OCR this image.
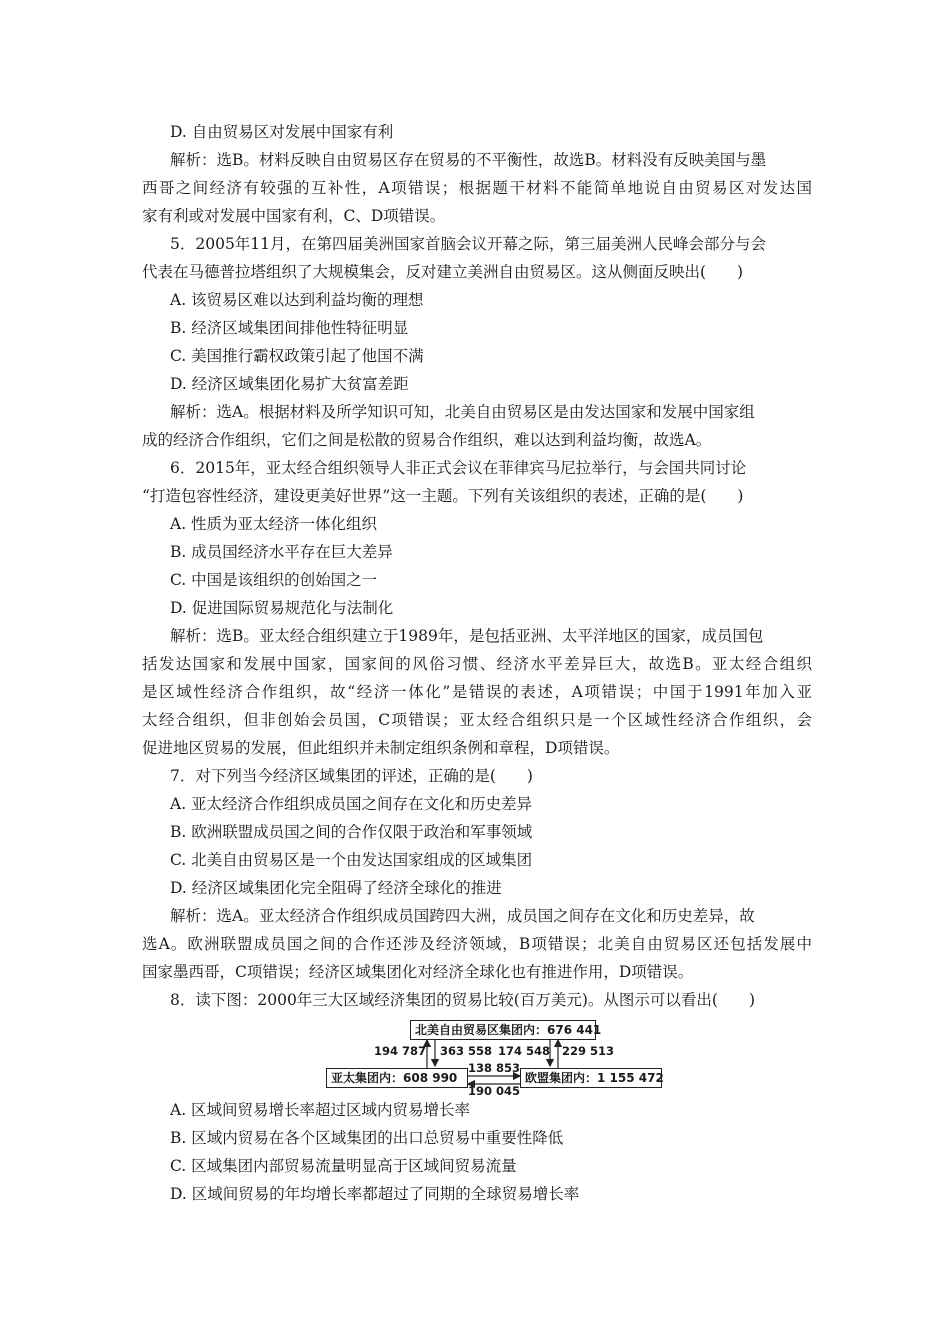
D. 自由贸易区对发展中国家有利
解析：选B。材料反映自由贸易区存在贸易的不平衡性，故选B。材料没有反映美国与墨
西哥之间经济有较强的互补性，A项错误；根据题干材料不能简单地说自由贸易区对发达国
家有利或对发展中国家有利，C、D项错误。
5．2005年11月，在第四届美洲国家首脑会议开幕之际，第三届美洲人民峰会部分与会
代表在马德普拉塔组织了大规模集会，反对建立美洲自由贸易区。这从侧面反映出(　　)
A. 该贸易区难以达到利益均衡的理想
B. 经济区域集团间排他性特征明显
C. 美国推行霸权政策引起了他国不满
D. 经济区域集团化易扩大贫富差距
解析：选A。根据材料及所学知识可知，北美自由贸易区是由发达国家和发展中国家组
成的经济合作组织，它们之间是松散的贸易合作组织，难以达到利益均衡，故选A。
6．2015年，亚太经合组织领导人非正式会议在菲律宾马尼拉举行，与会国共同讨论
“打造包容性经济，建设更美好世界”这一主题。下列有关该组织的表述，正确的是(　　)
A. 性质为亚太经济一体化组织
B. 成员国经济水平存在巨大差异
C. 中国是该组织的创始国之一
D. 促进国际贸易规范化与法制化
解析：选B。亚太经合组织建立于1989年，是包括亚洲、太平洋地区的国家，成员国包
括发达国家和发展中国家，国家间的风俗习惯、经济水平差异巨大，故选B。亚太经合组织
是区域性经济合作组织，故“经济一体化”是错误的表述，A项错误；中国于1991年加入亚
太经合组织，但非创始会员国，C项错误；亚太经合组织只是一个区域性经济合作组织，会
促进地区贸易的发展，但此组织并未制定组织条例和章程，D项错误。
7．对下列当今经济区域集团的评述，正确的是(　　)
A. 亚太经济合作组织成员国之间存在文化和历史差异
B. 欧洲联盟成员国之间的合作仅限于政治和军事领域
C. 北美自由贸易区是一个由发达国家组成的区域集团
D. 经济区域集团化完全阻碍了经济全球化的推进
解析：选A。亚太经济合作组织成员国跨四大洲，成员国之间存在文化和历史差异，故
选A。欧洲联盟成员国之间的合作还涉及经济领域，B项错误；北美自由贸易区还包括发展中
国家墨西哥，C项错误；经济区域集团化对经济全球化也有推进作用，D项错误。
8．读下图：2000年三大区域经济集团的贸易比较(百万美元)。从图示可以看出(　　)
北美自由贸易区集团内：676 441
亚太集团内：608 990	欧盟集团内：1 155 472
194 787 363 558 174 548 229 513
138 853
190 045
A. 区域间贸易增长率超过区域内贸易增长率
B. 区域内贸易在各个区域集团的出口总贸易中重要性降低
C. 区域集团内部贸易流量明显高于区域间贸易流量
D. 区域间贸易的年均增长率都超过了同期的全球贸易增长率
